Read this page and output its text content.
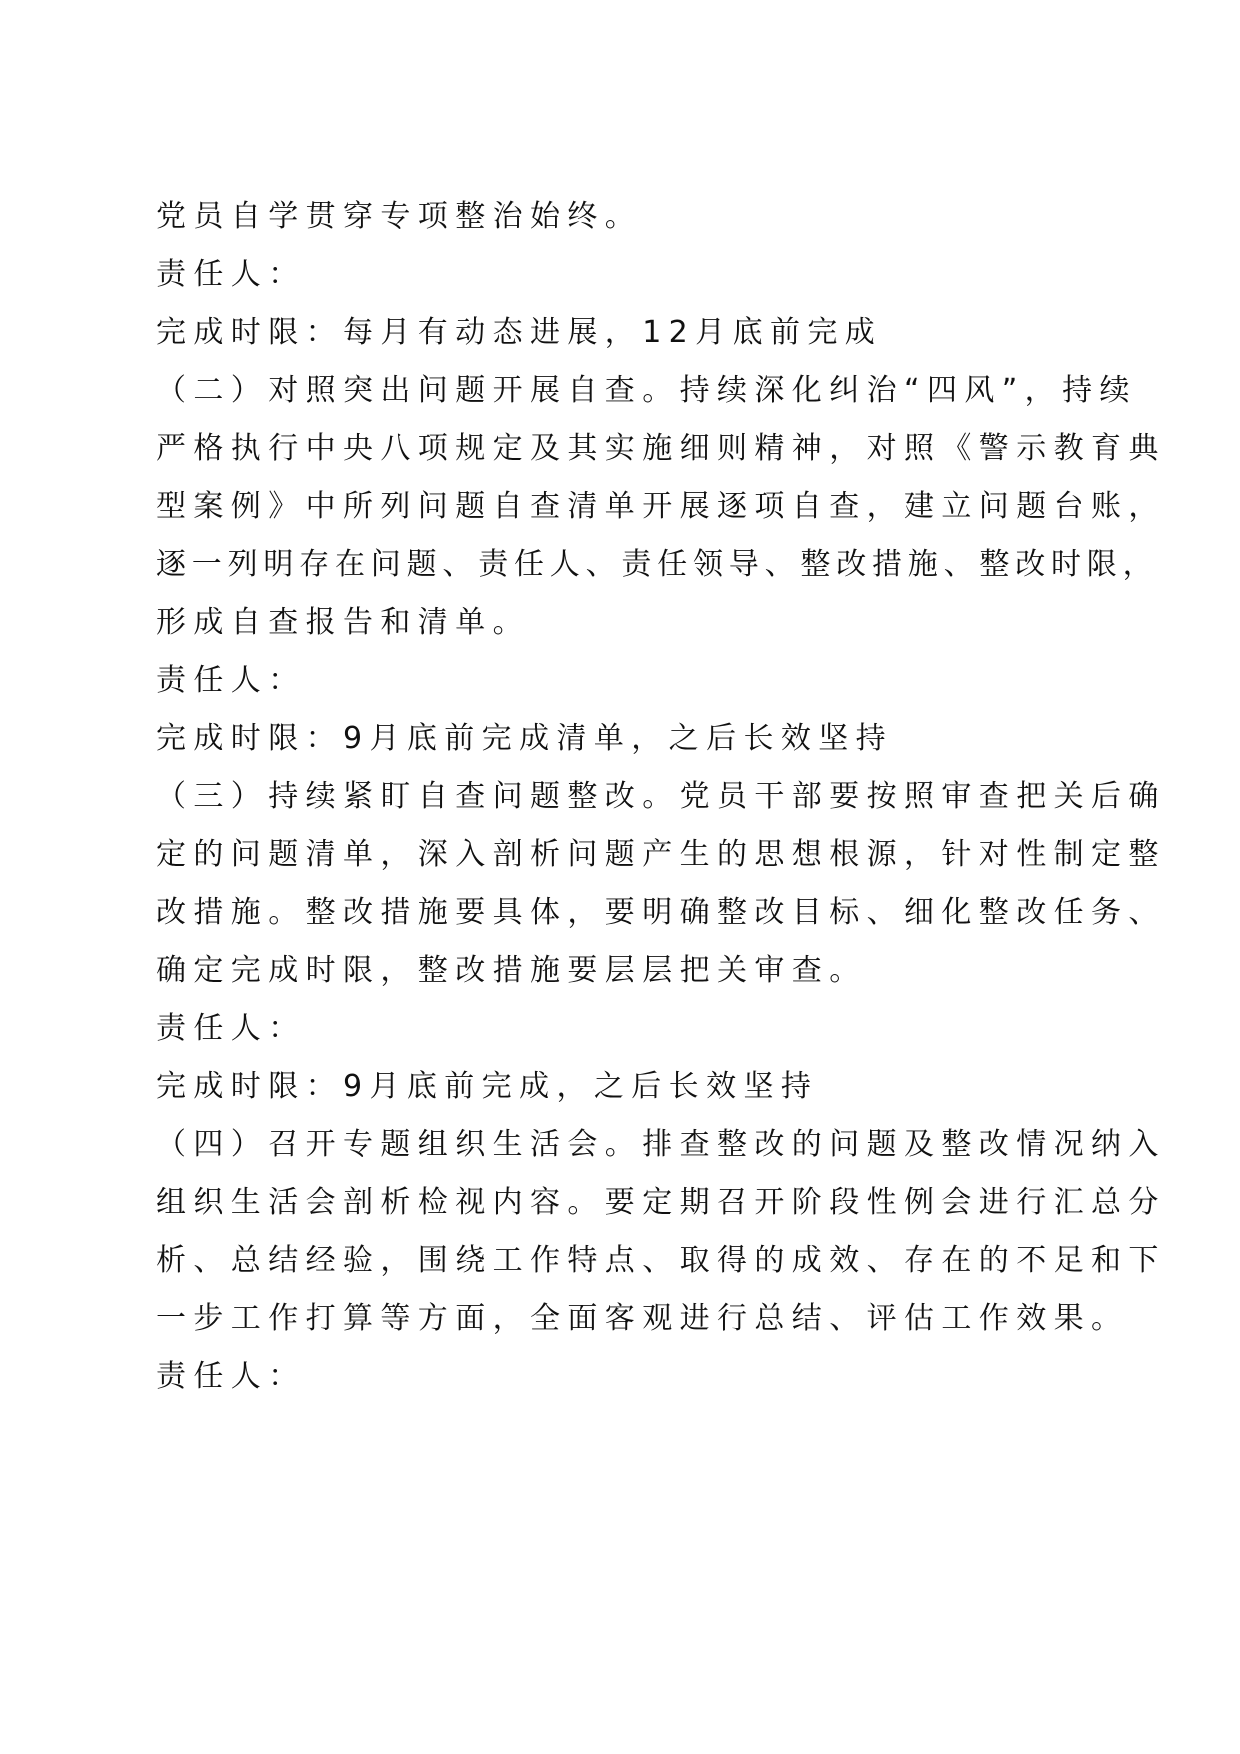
党员自学贯穿专项整治始终。

责任人：

完成时限：每月有动态进展，12月底前完成

（二）对照突出问题开展自查。持续深化纠治“四风”，持续

严格执行中央八项规定及其实施细则精神，对照《警示教育典

型案例》中所列问题自查清单开展逐项自查，建立问题台账，

逐一列明存在问题、责任人、责任领导、整改措施、整改时限，

形成自查报告和清单。

责任人：

完成时限：9月底前完成清单，之后长效坚持

（三）持续紧盯自查问题整改。党员干部要按照审查把关后确

定的问题清单，深入剖析问题产生的思想根源，针对性制定整

改措施。整改措施要具体，要明确整改目标、细化整改任务、

确定完成时限，整改措施要层层把关审查。

责任人：

完成时限：9月底前完成，之后长效坚持

（四）召开专题组织生活会。排查整改的问题及整改情况纳入

组织生活会剖析检视内容。要定期召开阶段性例会进行汇总分

析、总结经验，围绕工作特点、取得的成效、存在的不足和下

一步工作打算等方面，全面客观进行总结、评估工作效果。

责任人：
